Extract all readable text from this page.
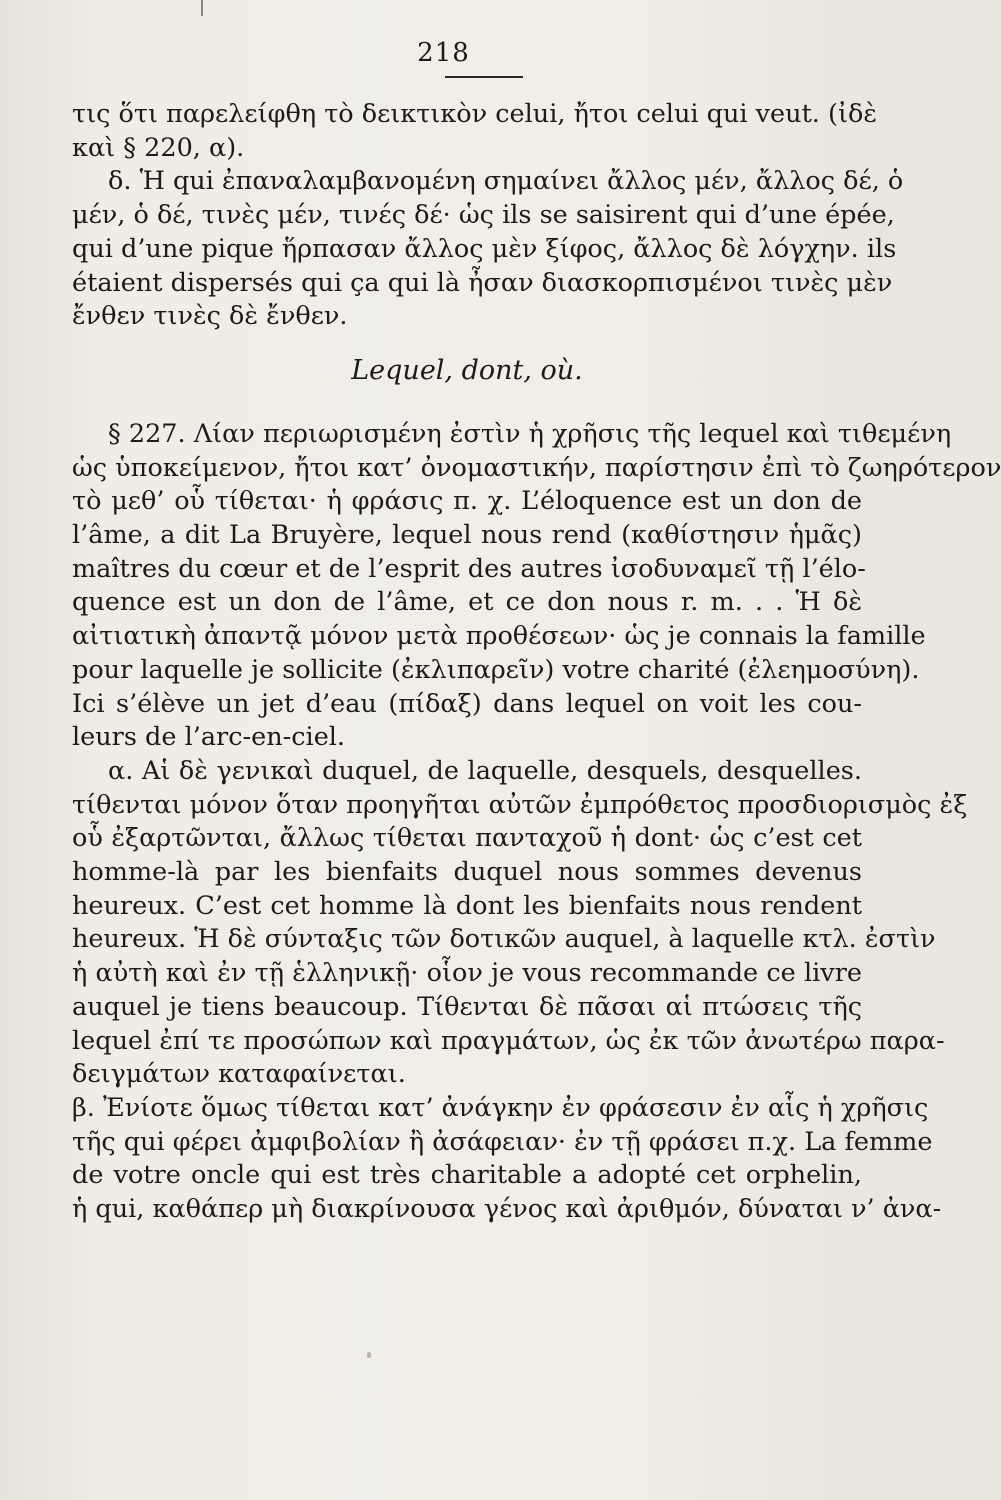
218
τις ὅτι παρελείφθη τὸ δεικτικὸν celui, ἤτοι celui qui veut. (ἰδὲ
καὶ § 220, α).
δ. Ἡ qui ἐπαναλαμβανομένη σημαίνει ἄλλος μέν, ἄλλος δέ, ὁ
μέν, ὁ δέ, τινὲς μέν, τινές δέ· ὡς ils se saisirent qui d’une épée,
qui d’une pique ἥρπασαν ἄλλος μὲν ξίφος, ἄλλος δὲ λόγχην. ils
étaient dispersés qui ça qui là ἦσαν διασκορπισμένοι τινὲς μὲν
ἔνθεν τινὲς δὲ ἔνθεν.
Lequel, dont, où.
§ 227. Λίαν περιωρισμένη ἐστὶν ἡ χρῆσις τῆς lequel καὶ τιθεμένη
ὡς ὑποκείμενον, ἤτοι κατ’ ὀνομαστικήν, παρίστησιν ἐπὶ τὸ ζωηρότερον
τὸ μεθ’ οὗ τίθεται· ἡ φράσις π. χ. L’éloquence est un don de
l’âme, a dit La Bruyère, lequel nous rend (καθίστησιν ἡμᾶς)
maîtres du cœur et de l’esprit des autres ἰσοδυναμεῖ τῇ l’élo-
quence est un don de l’âme, et ce don nous r. m. . . Ἡ δὲ
αἰτιατικὴ ἀπαντᾷ μόνον μετὰ προθέσεων· ὡς je connais la famille
pour laquelle je sollicite (ἐκλιπαρεῖν) votre charité (ἐλεημοσύνη).
Ici s’élève un jet d’eau (πίδαξ) dans lequel on voit les cou-
leurs de l’arc-en-ciel.
α. Αἱ δὲ γενικαὶ duquel, de laquelle, desquels, desquelles.
τίθενται μόνον ὅταν προηγῆται αὐτῶν ἐμπρόθετος προσδιορισμὸς ἐξ
οὗ ἐξαρτῶνται, ἄλλως τίθεται πανταχοῦ ἡ dont· ὡς c’est cet
homme-là par les bienfaits duquel nous sommes devenus
heureux. C’est cet homme là dont les bienfaits nous rendent
heureux. Ἡ δὲ σύνταξις τῶν δοτικῶν auquel, à laquelle κτλ. ἐστὶν
ἡ αὐτὴ καὶ ἐν τῇ ἑλληνικῇ· οἷον je vous recommande ce livre
auquel je tiens beaucoup. Τίθενται δὲ πᾶσαι αἱ πτώσεις τῆς
lequel ἐπί τε προσώπων καὶ πραγμάτων, ὡς ἐκ τῶν ἀνωτέρω παρα-
δειγμάτων καταφαίνεται.
β. Ἐνίοτε ὅμως τίθεται κατ’ ἀνάγκην ἐν φράσεσιν ἐν αἷς ἡ χρῆσις
τῆς qui φέρει ἀμφιβολίαν ἢ ἀσάφειαν· ἐν τῇ φράσει π.χ. La femme
de votre oncle qui est très charitable a adopté cet orphelin,
ἡ qui, καθάπερ μὴ διακρίνουσα γένος καὶ ἀριθμόν, δύναται ν’ ἀνα-
